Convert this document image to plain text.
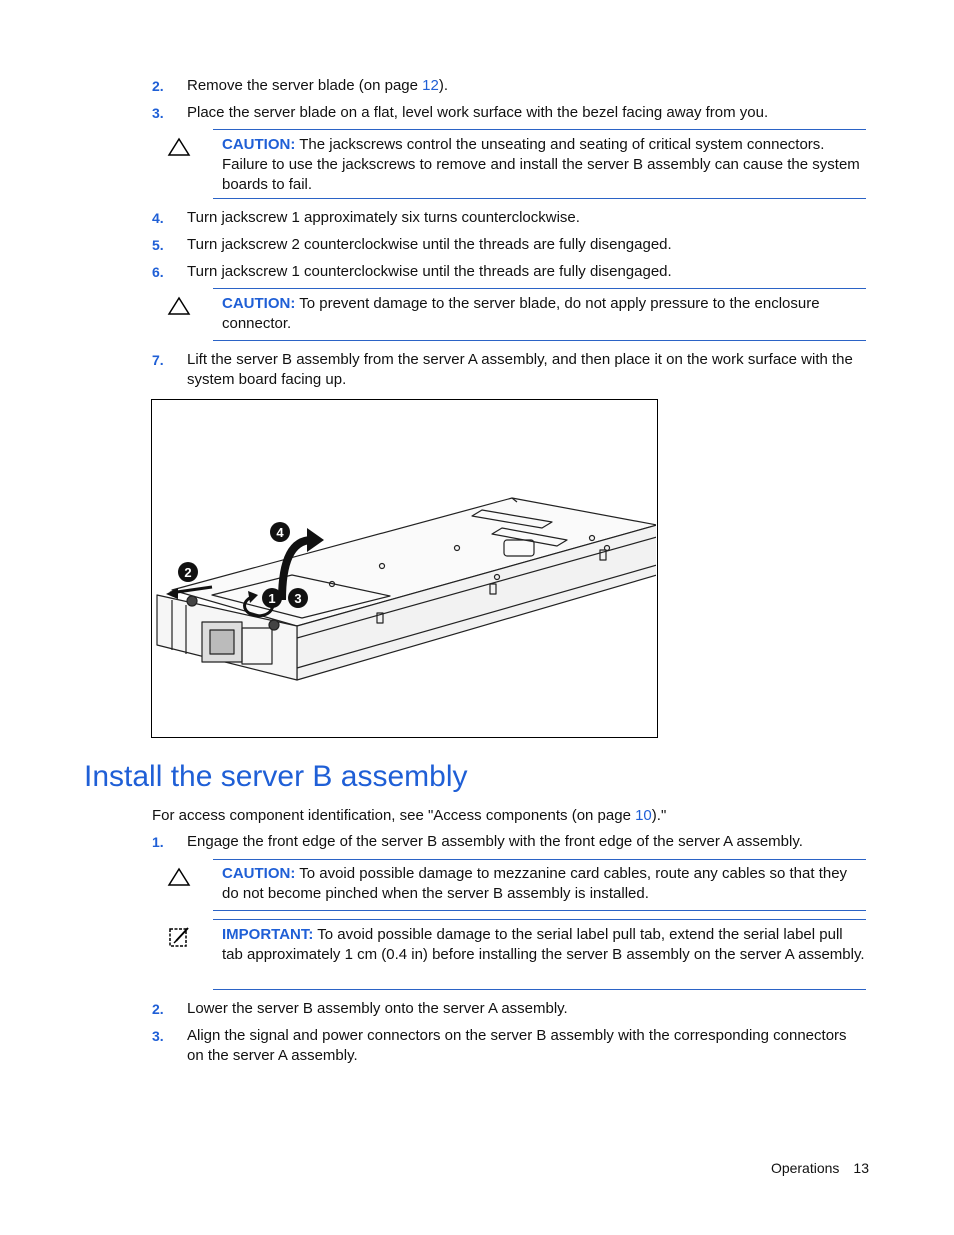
2.	Remove the server blade (on page 12).
3.	Place the server blade on a flat, level work surface with the bezel facing away from you.
CAUTION: The jackscrews control the unseating and seating of critical system connectors. Failure to use the jackscrews to remove and install the server B assembly can cause the system boards to fail.
4.	Turn jackscrew 1 approximately six turns counterclockwise.
5.	Turn jackscrew 2 counterclockwise until the threads are fully disengaged.
6.	Turn jackscrew 1 counterclockwise until the threads are fully disengaged.
CAUTION: To prevent damage to the server blade, do not apply pressure to the enclosure connector.
7.	Lift the server B assembly from the server A assembly, and then place it on the work surface with the system board facing up.
1
2
3
4
Install the server B assembly
For access component identification, see "Access components (on page 10)."
1.	Engage the front edge of the server B assembly with the front edge of the server A assembly.
CAUTION: To avoid possible damage to mezzanine card cables, route any cables so that they do not become pinched when the server B assembly is installed.
IMPORTANT: To avoid possible damage to the serial label pull tab, extend the serial label pull tab approximately 1 cm (0.4 in) before installing the server B assembly on the server A assembly.
2.	Lower the server B assembly onto the server A assembly.
3.	Align the signal and power connectors on the server B assembly with the corresponding connectors on the server A assembly.
Operations 13
